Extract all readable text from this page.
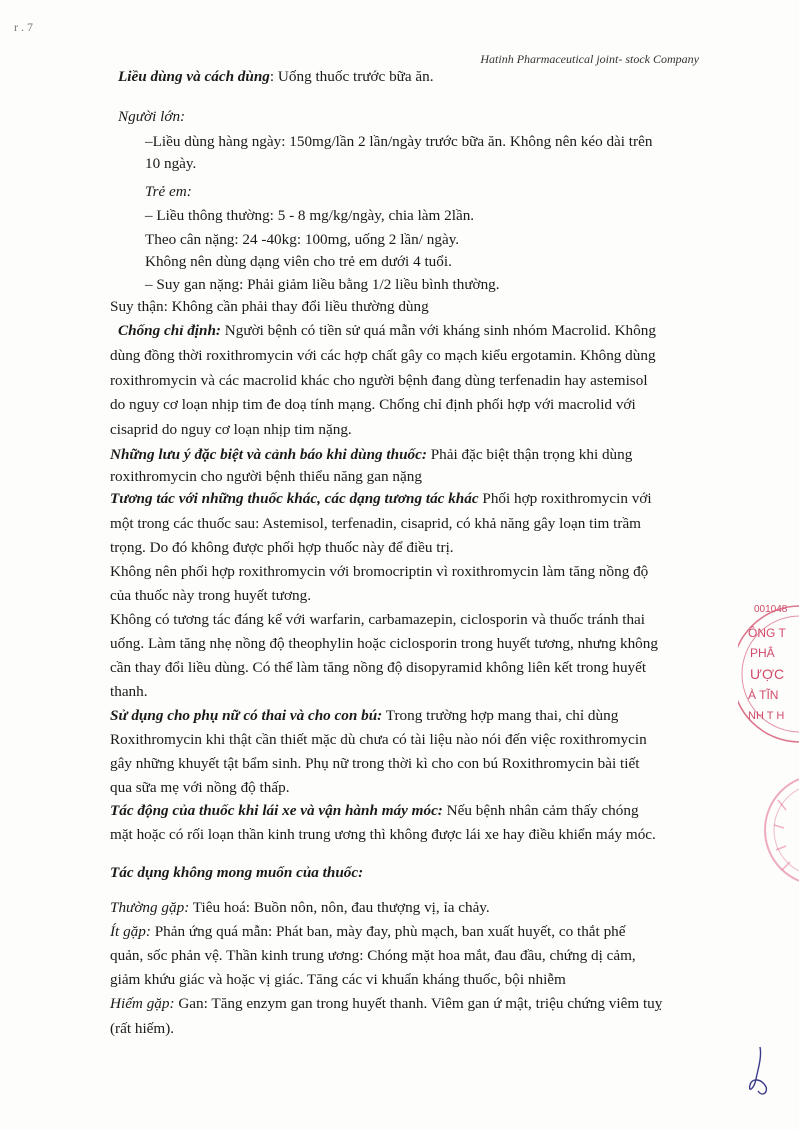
r . 7
Hatinh Pharmaceutical joint- stock Company
Liều dùng và cách dùng: Uống thuốc trước bữa ăn.
Người lớn:
–Liều dùng hàng ngày: 150mg/lần 2 lần/ngày trước bữa ăn. Không nên kéo dài trên
10 ngày.
Trẻ em:
– Liều thông thường: 5 - 8 mg/kg/ngày, chia làm 2lần.
Theo cân nặng: 24 -40kg: 100mg, uống 2 lần/ ngày.
Không nên dùng dạng viên cho trẻ em dưới 4 tuổi.
– Suy gan nặng: Phải giảm liều bằng 1/2 liều bình thường.
Suy thận: Không cần phải thay đổi liều thường dùng
Chống chỉ định: Người bệnh có tiền sử quá mẫn với kháng sinh nhóm Macrolid. Không
dùng đồng thời roxithromycin với các hợp chất gây co mạch kiểu ergotamin. Không dùng
roxithromycin và các macrolid khác cho người bệnh đang dùng terfenadin hay astemisol
do nguy cơ loạn nhịp tim đe doạ tính mạng. Chống chỉ định phối hợp với macrolid với
cisaprid do nguy cơ loạn nhịp tim nặng.
Những lưu ý đặc biệt và cảnh báo khi dùng thuốc: Phải đặc biệt thận trọng khi dùng
roxithromycin cho người bệnh thiểu năng gan nặng
Tương tác với những thuốc khác, các dạng tương tác khác Phối hợp roxithromycin với
một trong các thuốc sau: Astemisol, terfenadin, cisaprid, có khả năng gây loạn tim trầm
trọng. Do đó không được phối hợp thuốc này để điều trị.
Không nên phối hợp roxithromycin với bromocriptin vì roxithromycin làm tăng nồng độ
của thuốc này trong huyết tương.
Không có tương tác đáng kể với warfarin, carbamazepin, ciclosporin và thuốc tránh thai
uống. Làm tăng nhẹ nồng độ theophylin hoặc ciclosporin trong huyết tương, nhưng không
cần thay đổi liều dùng. Có thể làm tăng nồng độ disopyramid không liên kết trong huyết
thanh.
Sử dụng cho phụ nữ có thai và cho con bú: Trong trường hợp mang thai, chỉ dùng
Roxithromycin khi thật cần thiết mặc dù chưa có tài liệu nào nói đến việc roxithromycin
gây những khuyết tật bẩm sinh. Phụ nữ trong thời kì cho con bú Roxithromycin bài tiết
qua sữa mẹ với nồng độ thấp.
Tác động của thuốc khi lái xe và vận hành máy móc: Nếu bệnh nhân cảm thấy chóng
mặt hoặc có rối loạn thần kinh trung ương thì không được lái xe hay điều khiển máy móc.
Tác dụng không mong muốn của thuốc:
Thường gặp: Tiêu hoá: Buồn nôn, nôn, đau thượng vị, ỉa chảy.
Ít gặp: Phản ứng quá mẫn: Phát ban, mày đay, phù mạch, ban xuất huyết, co thắt phế
quản, sốc phản vệ. Thần kinh trung ương: Chóng mặt hoa mắt, đau đầu, chứng dị cảm,
giảm khứu giác và hoặc vị giác. Tăng các vi khuẩn kháng thuốc, bội nhiễm
Hiếm gặp: Gan: Tăng enzym gan trong huyết thanh. Viêm gan ứ mật, triệu chứng viêm tuỵ
(rất hiếm).
001048
ÔNG T
PHÂ
ƯỢC
À TĨN
NH T H
